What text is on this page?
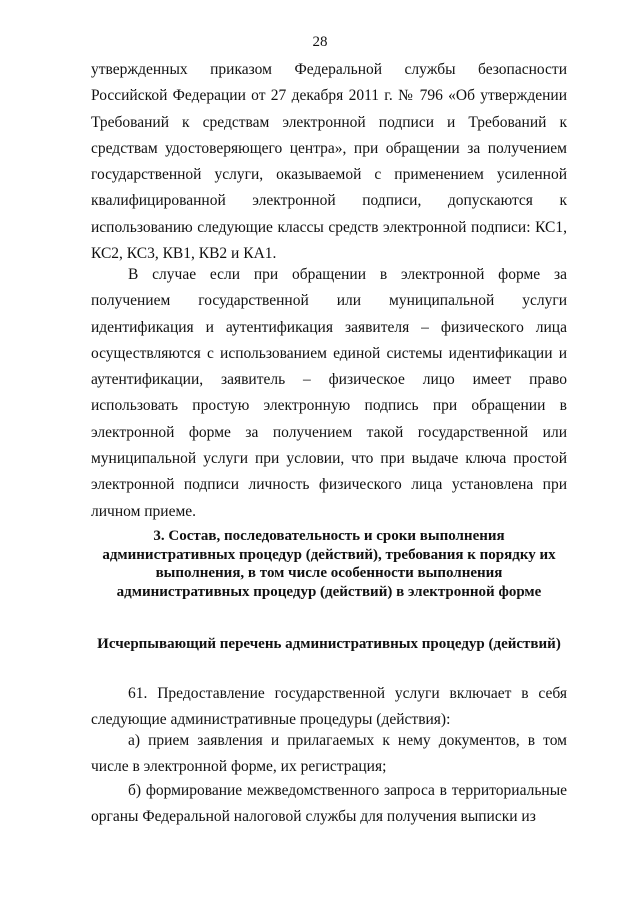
28
утвержденных приказом Федеральной службы безопасности Российской Федерации от 27 декабря 2011 г. № 796 «Об утверждении Требований к средствам электронной подписи и Требований к средствам удостоверяющего центра», при обращении за получением государственной услуги, оказываемой с применением усиленной квалифицированной электронной подписи, допускаются к использованию следующие классы средств электронной подписи: КС1, КС2, КС3, КВ1, КВ2 и КА1.
В случае если при обращении в электронной форме за получением государственной или муниципальной услуги идентификация и аутентификация заявителя – физического лица осуществляются с использованием единой системы идентификации и аутентификации, заявитель – физическое лицо имеет право использовать простую электронную подпись при обращении в электронной форме за получением такой государственной или муниципальной услуги при условии, что при выдаче ключа простой электронной подписи личность физического лица установлена при личном приеме.
3. Состав, последовательность и сроки выполнения административных процедур (действий), требования к порядку их выполнения, в том числе особенности выполнения административных процедур (действий) в электронной форме
Исчерпывающий перечень административных процедур (действий)
61. Предоставление государственной услуги включает в себя следующие административные процедуры (действия):
а) прием заявления и прилагаемых к нему документов, в том числе в электронной форме, их регистрация;
б) формирование межведомственного запроса в территориальные органы Федеральной налоговой службы для получения выписки из
